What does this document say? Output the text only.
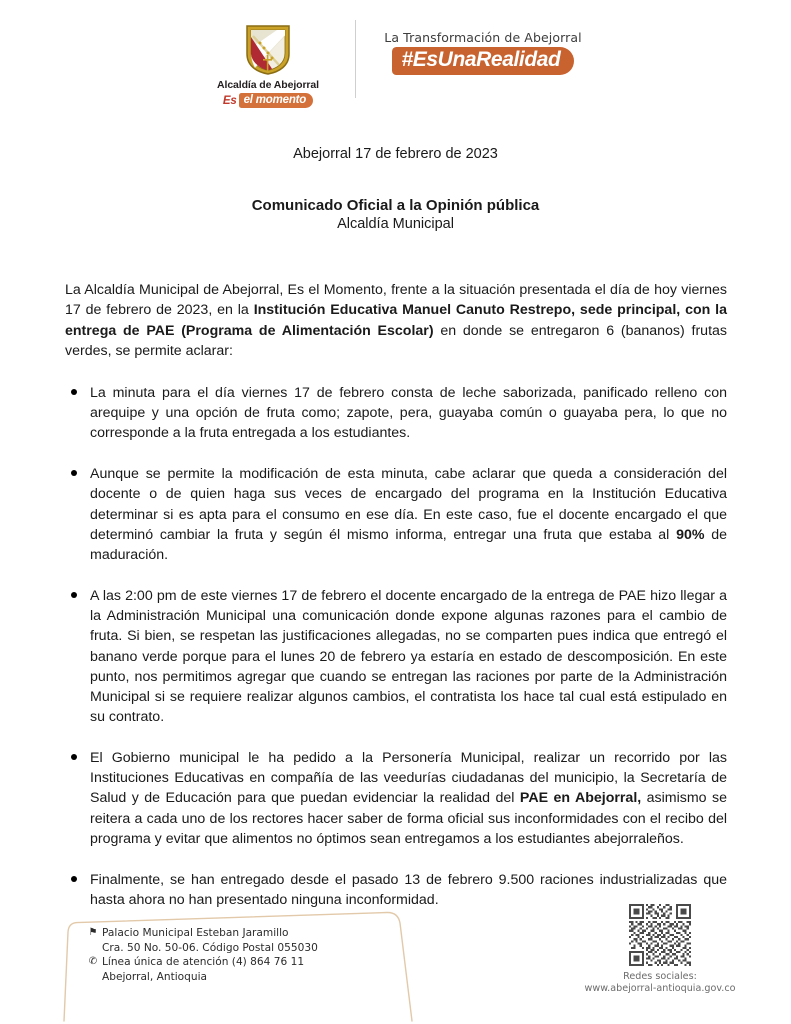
Alcaldía de Abejorral
Es el momento
La Transformación de Abejorral
#EsUnaRealidad
Abejorral 17 de febrero de 2023
Comunicado Oficial a la Opinión pública
Alcaldía Municipal

La Alcaldía Municipal de Abejorral, Es el Momento, frente a la situación presentada el día de hoy viernes 17 de febrero de 2023, en la Institución Educativa Manuel Canuto Restrepo, sede principal, con la entrega de PAE (Programa de Alimentación Escolar) en donde se entregaron 6 (bananos) frutas verdes, se permite aclarar:

La minuta para el día viernes 17 de febrero consta de leche saborizada, panificado relleno con arequipe y una opción de fruta como; zapote, pera, guayaba común o guayaba pera, lo que no corresponde a la fruta entregada a los estudiantes.
Aunque se permite la modificación de esta minuta, cabe aclarar que queda a consideración del docente o de quien haga sus veces de encargado del programa en la Institución Educativa determinar si es apta para el consumo en ese día. En este caso, fue el docente encargado el que determinó cambiar la fruta y según él mismo informa, entregar una fruta que estaba al 90% de maduración.
A las 2:00 pm de este viernes 17 de febrero el docente encargado de la entrega de PAE hizo llegar a la Administración Municipal una comunicación donde expone algunas razones para el cambio de fruta. Si bien, se respetan las justificaciones allegadas, no se comparten pues indica que entregó el banano verde porque para el lunes 20 de febrero ya estaría en estado de descomposición. En este punto, nos permitimos agregar que cuando se entregan las raciones por parte de la Administración Municipal si se requiere realizar algunos cambios, el contratista los hace tal cual está estipulado en su contrato.
El Gobierno municipal le ha pedido a la Personería Municipal, realizar un recorrido por las Instituciones Educativas en compañía de las veedurías ciudadanas del municipio, la Secretaría de Salud y de Educación para que puedan evidenciar la realidad del PAE en Abejorral, asimismo se reitera a cada uno de los rectores hacer saber de forma oficial sus inconformidades con el recibo del programa y evitar que alimentos no óptimos sean entregamos a los estudiantes abejorraleños.
Finalmente, se han entregado desde el pasado 13 de febrero 9.500 raciones industrializadas que hasta ahora no han presentado ninguna inconformidad.
⚑ Palacio Municipal Esteban Jaramillo
Cra. 50 No. 50-06. Código Postal 055030
✆ Línea única de atención (4) 864 76 11
Abejorral, Antioquia	Redes sociales:
www.abejorral-antioquia.gov.co
